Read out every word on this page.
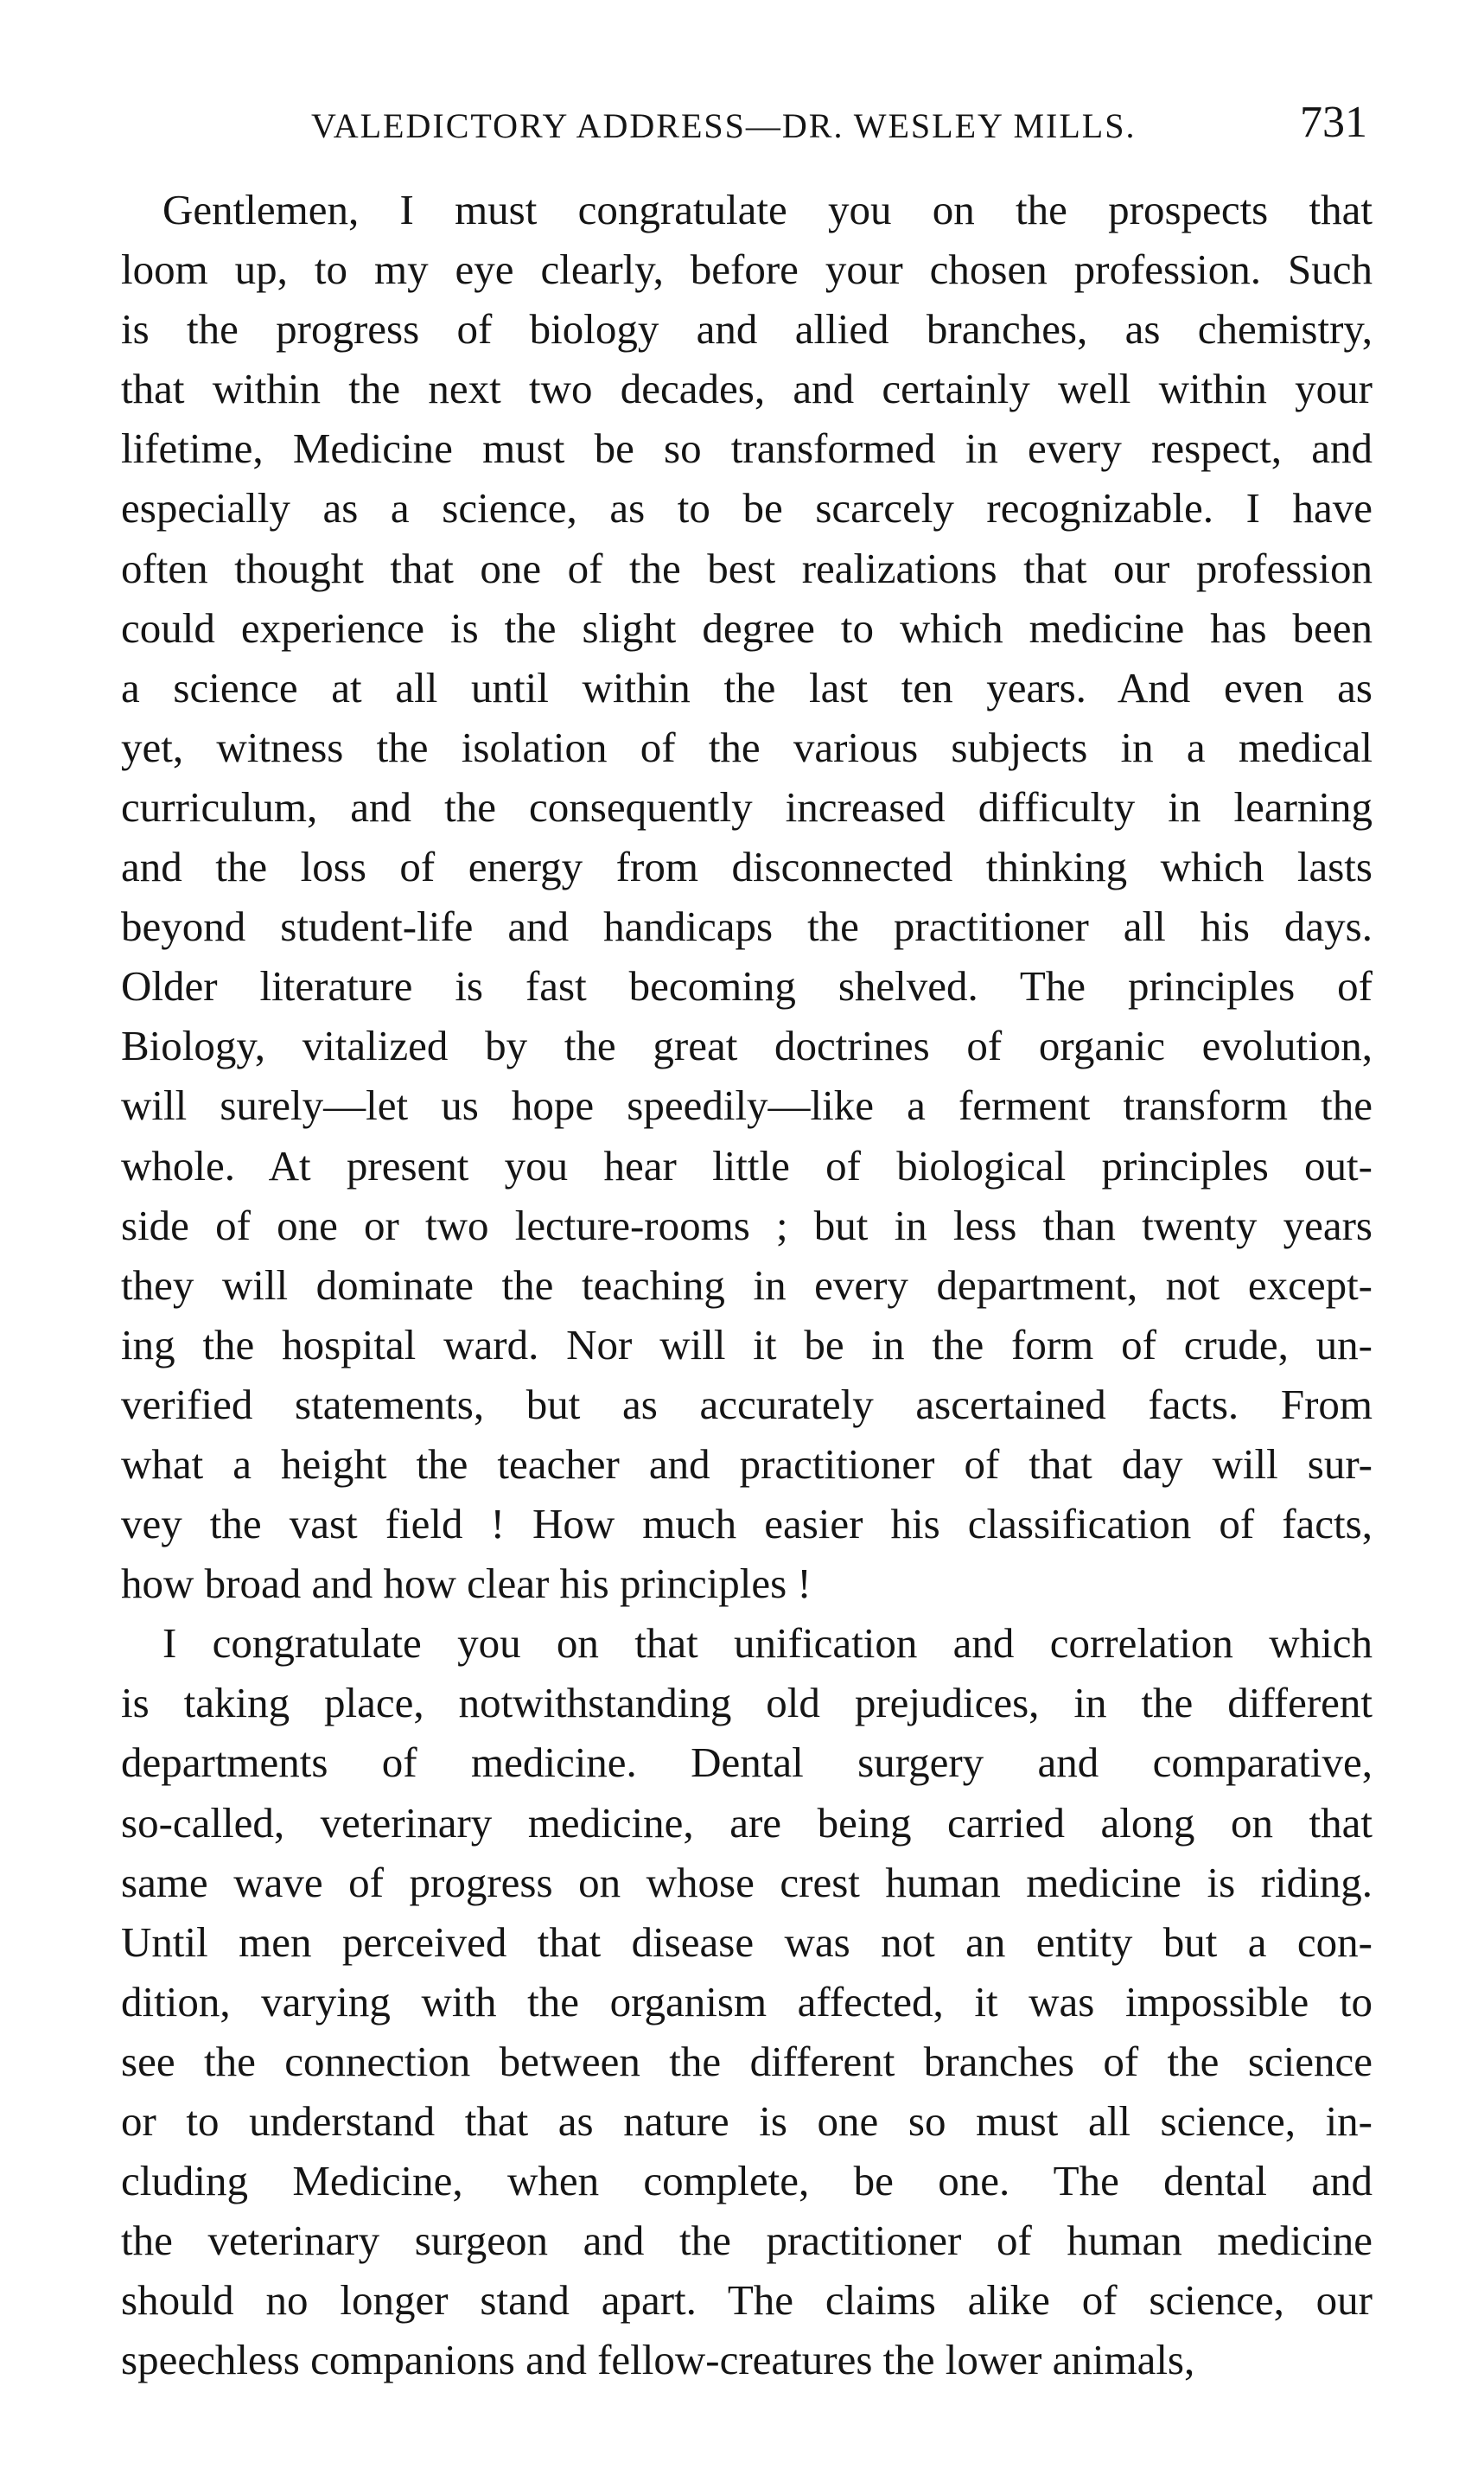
VALEDICTORY ADDRESS—DR. WESLEY MILLS.	731
Gentlemen, I must congratulate you on the prospects that
loom up, to my eye clearly, before your chosen profession. Such
is the progress of biology and allied branches, as chemistry,
that within the next two decades, and certainly well within your
lifetime, Medicine must be so transformed in every respect, and
especially as a science, as to be scarcely recognizable. I have
often thought that one of the best realizations that our profession
could experience is the slight degree to which medicine has been
a science at all until within the last ten years. And even as
yet, witness the isolation of the various subjects in a medical
curriculum, and the consequently increased difficulty in learning
and the loss of energy from disconnected thinking which lasts
beyond student-life and handicaps the practitioner all his days.
Older literature is fast becoming shelved. The principles of
Biology, vitalized by the great doctrines of organic evolution,
will surely—let us hope speedily—like a ferment transform the
whole. At present you hear little of biological principles out-
side of one or two lecture-rooms ; but in less than twenty years
they will dominate the teaching in every department, not except-
ing the hospital ward. Nor will it be in the form of crude, un-
verified statements, but as accurately ascertained facts. From
what a height the teacher and practitioner of that day will sur-
vey the vast field ! How much easier his classification of facts,
how broad and how clear his principles !
I congratulate you on that unification and correlation which
is taking place, notwithstanding old prejudices, in the different
departments of medicine. Dental surgery and comparative,
so-called, veterinary medicine, are being carried along on that
same wave of progress on whose crest human medicine is riding.
Until men perceived that disease was not an entity but a con-
dition, varying with the organism affected, it was impossible to
see the connection between the different branches of the science
or to understand that as nature is one so must all science, in-
cluding Medicine, when complete, be one. The dental and
the veterinary surgeon and the practitioner of human medicine
should no longer stand apart. The claims alike of science, our
speechless companions and fellow-creatures the lower animals,
